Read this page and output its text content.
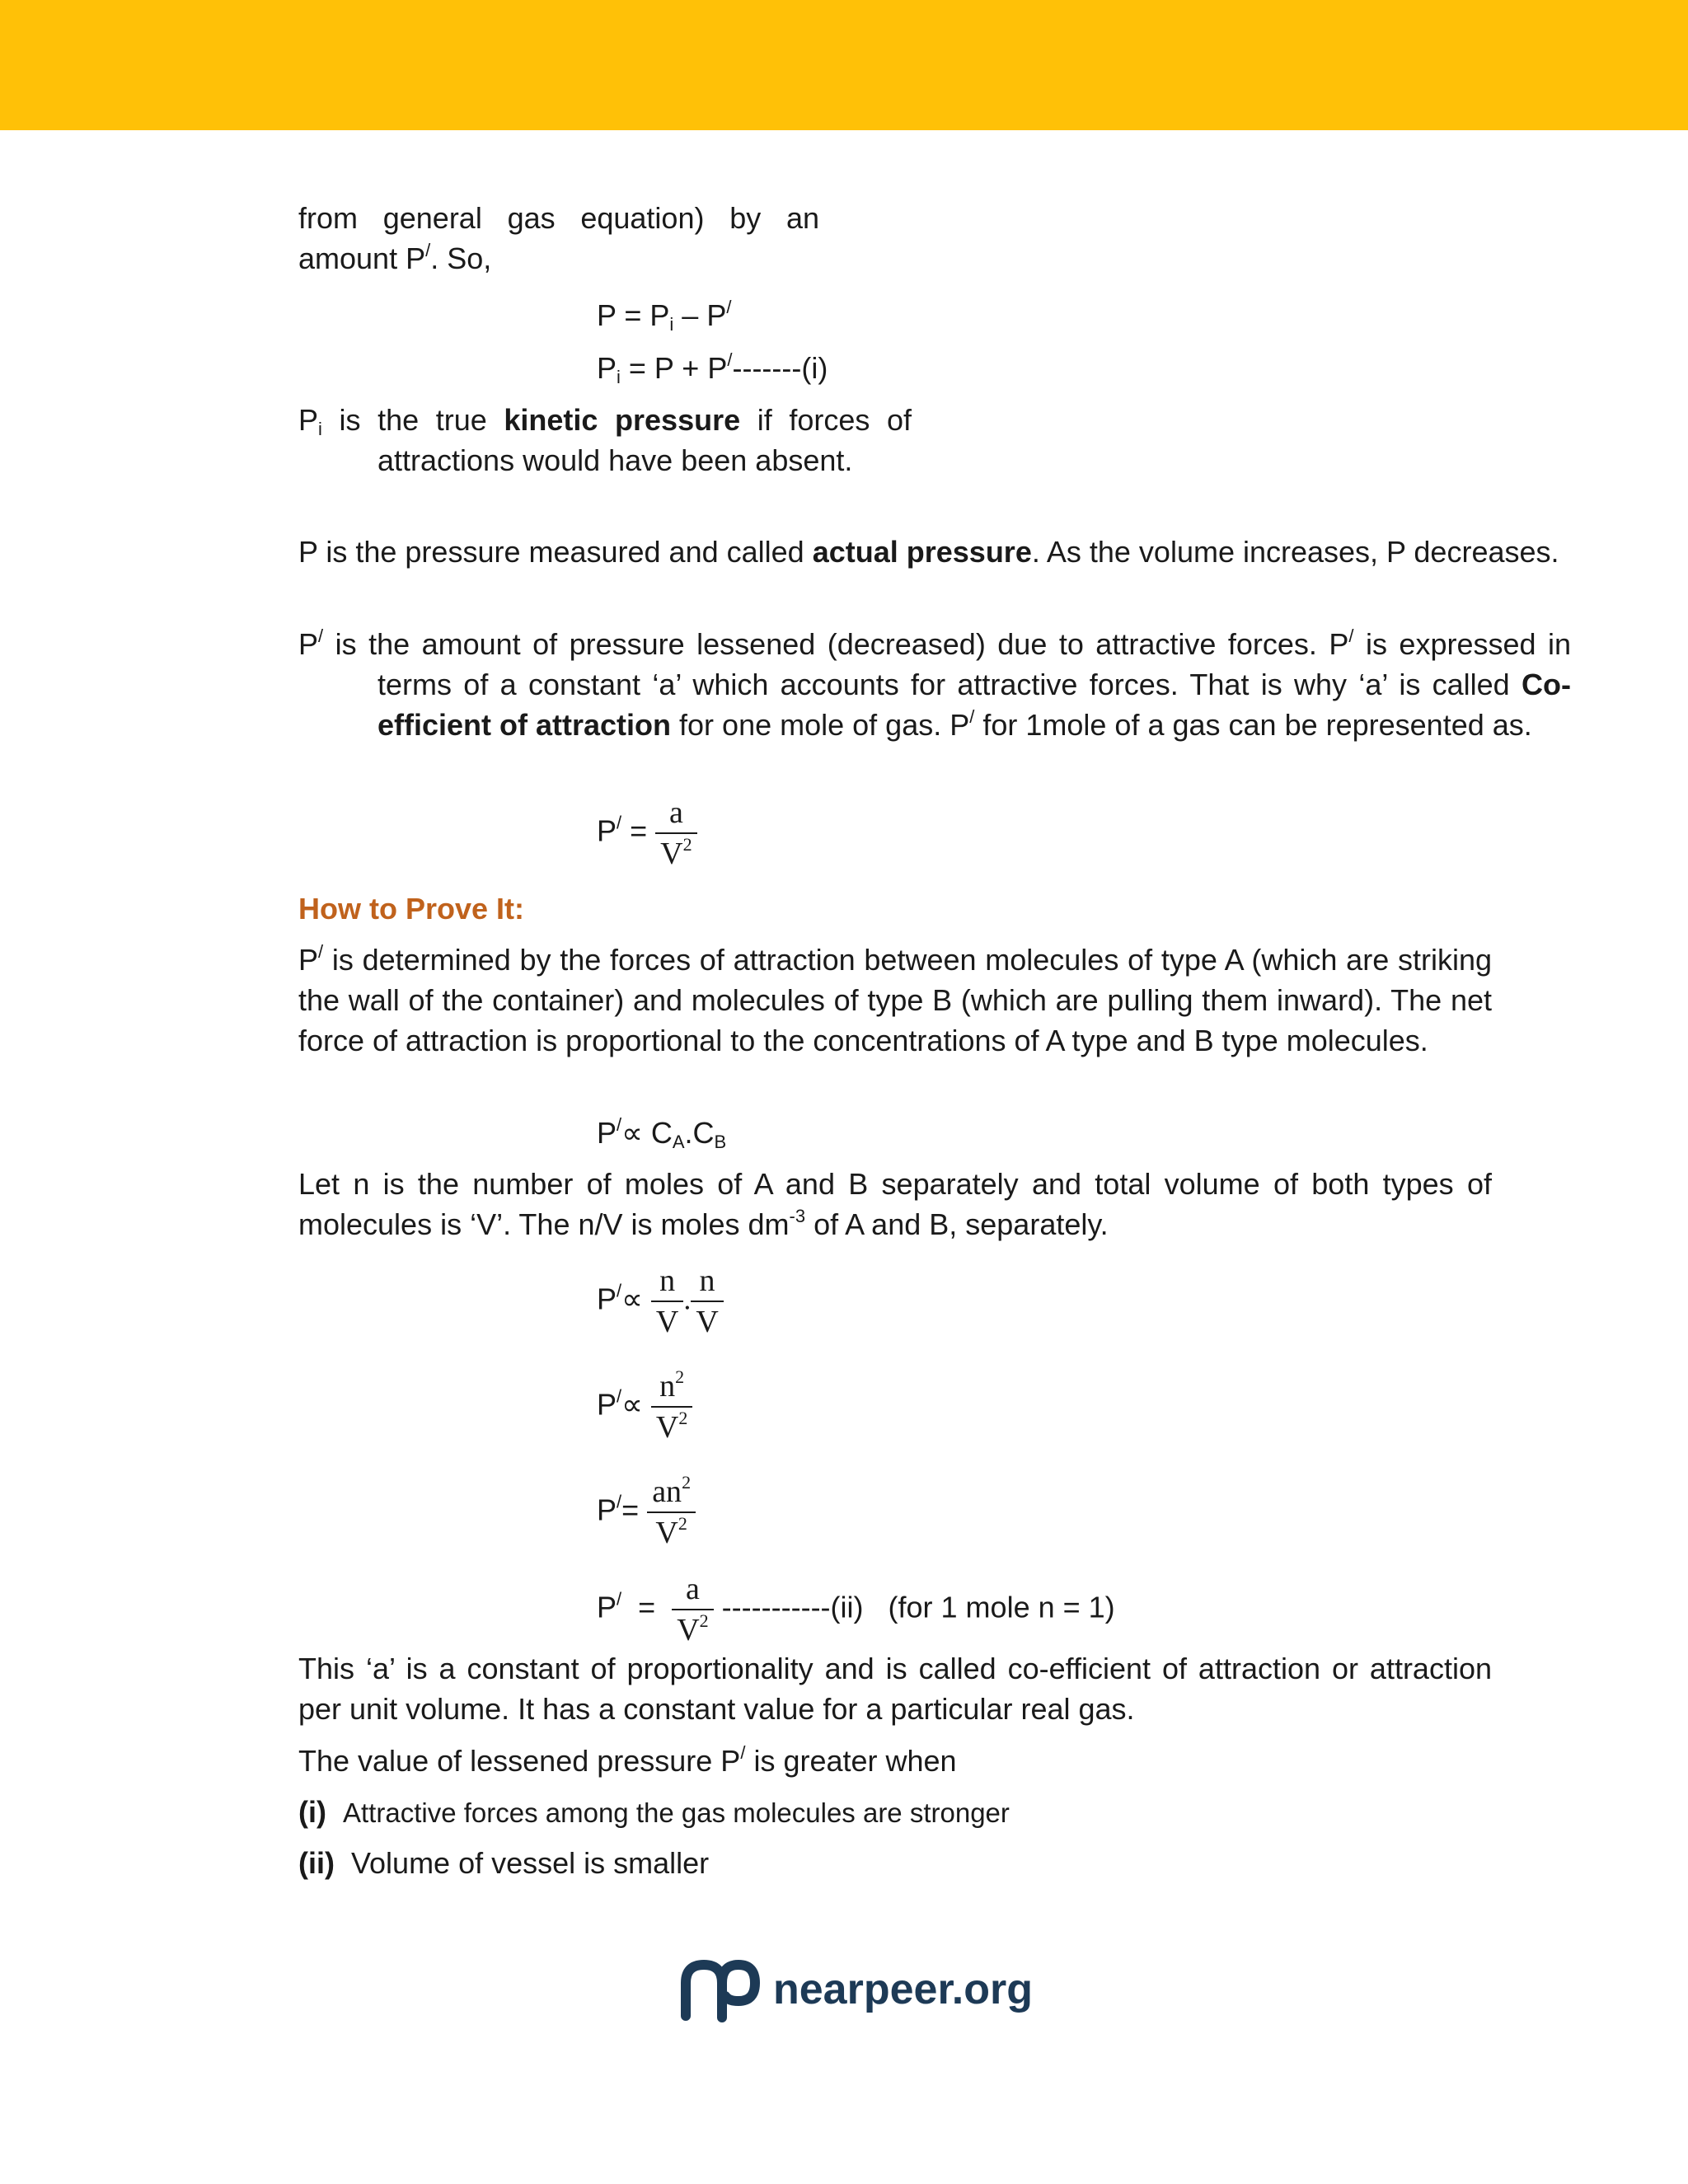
from general gas equation) by an
amount P/. So,
$P = P_i - P^/$
$P_i = P + P^/-------(i)$
$P_i$ is the true kinetic pressure if forces of attractions would have been absent.
P is the pressure measured and called actual pressure. As the volume increases, P decreases.
P/ is the amount of pressure lessened (decreased) due to attractive forces. P/ is expressed in terms of a constant ‘a’ which accounts for attractive forces. That is why ‘a’ is called Co-efficient of attraction for one mole of gas. P/ for 1mole of a gas can be represented as.
$P^/ = \frac{a}{V^2}$
How to Prove It:
P/ is determined by the forces of attraction between molecules of type A (which are striking the wall of the container) and molecules of type B (which are pulling them inward). The net force of attraction is proportional to the concentrations of A type and B type molecules.
$P^/\propto C_A.C_B$
Let n is the number of moles of A and B separately and total volume of both types of molecules is ‘V’. The n/V is moles $dm^{-3}$ of A and B, separately.
$P^/\propto \frac{n}{V}$ . $\frac{n}{V}$
$P^/\propto \frac{n^2}{V^2}$
$P^/= \frac{an^2}{V^2}$
$P^/ = \frac{a}{V^2} -----------(ii)$ (for 1 mole n = 1)
This ‘a’ is a constant of proportionality and is called co-efficient of attraction or attraction per unit volume. It has a constant value for a particular real gas.
The value of lessened pressure P/ is greater when
(i) Attractive forces among the gas molecules are stronger
(ii) Volume of vessel is smaller
nearpeer.org
